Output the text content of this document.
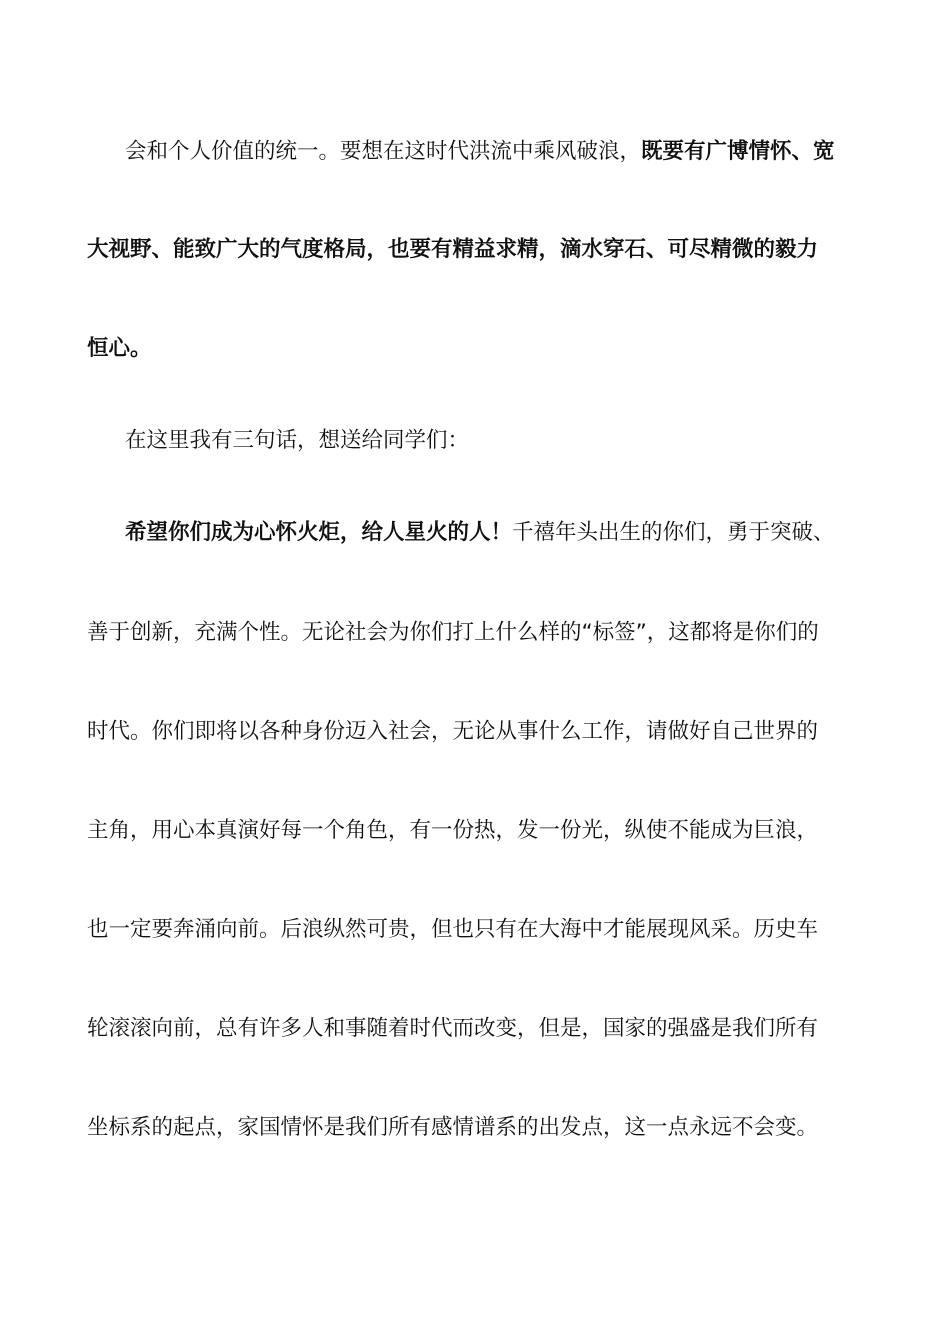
会和个人价值的统一。要想在这时代洪流中乘风破浪，既要有广博情怀、宽
大视野、能致广大的气度格局，也要有精益求精，滴水穿石、可尽精微的毅力
恒心。
在这里我有三句话，想送给同学们：
希望你们成为心怀火炬，给人星火的人！千禧年头出生的你们，勇于突破、
善于创新，充满个性。无论社会为你们打上什么样的“标签”，这都将是你们的
时代。你们即将以各种身份迈入社会，无论从事什么工作，请做好自己世界的
主角，用心本真演好每一个角色，有一份热，发一份光，纵使不能成为巨浪，
也一定要奔涌向前。后浪纵然可贵，但也只有在大海中才能展现风采。历史车
轮滚滚向前，总有许多人和事随着时代而改变，但是，国家的强盛是我们所有
坐标系的起点，家国情怀是我们所有感情谱系的出发点，这一点永远不会变。
